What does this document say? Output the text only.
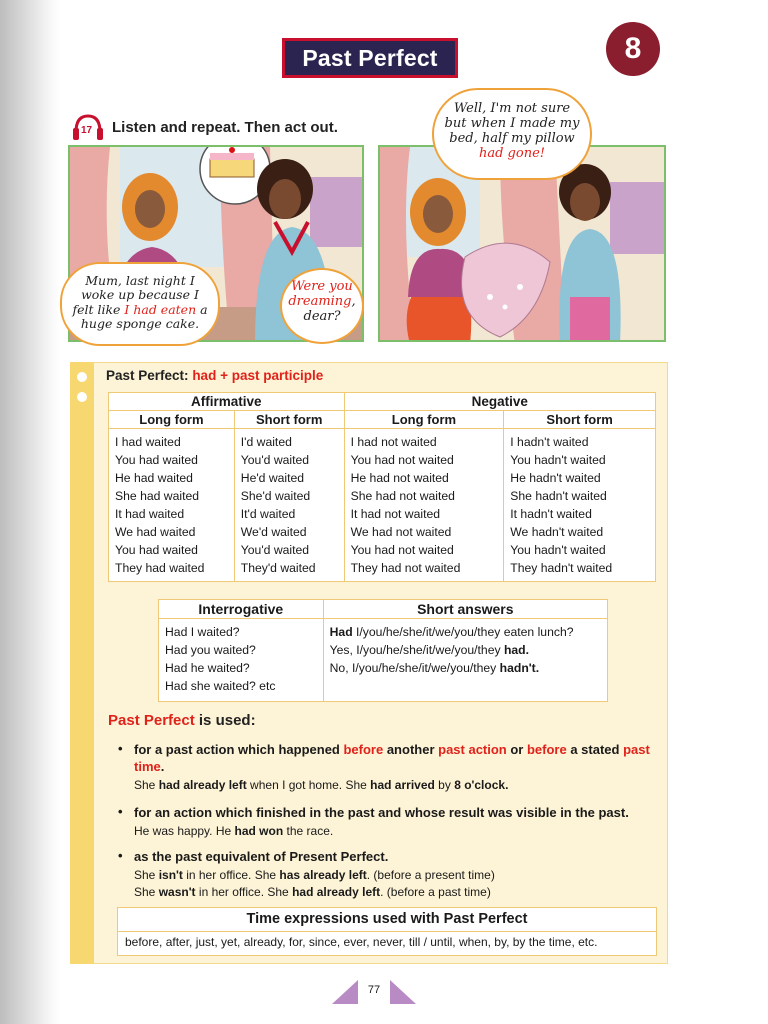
Past Perfect	8
17 Listen and repeat. Then act out.
Mum, last night I woke up because I felt like I had eaten a huge sponge cake.
Were you dreaming, dear?
Well, I'm not sure but when I made my bed, half my pillow had gone!
Past Perfect: had + past participle
Affirmative		Negative	
Long form	Short form	Long form	Short form
I had waited	I'd waited	I had not waited	I hadn't waited
You had waited	You'd waited	You had not waited	You hadn't waited
He had waited	He'd waited	He had not waited	He hadn't waited
She had waited	She'd waited	She had not waited	She hadn't waited
It had waited	It'd waited	It had not waited	It hadn't waited
We had waited	We'd waited	We had not waited	We hadn't waited
You had waited	You'd waited	You had not waited	You hadn't waited
They had waited	They'd waited	They had not waited	They hadn't waited
Interrogative	Short answers
Had I waited?	Had I/you/he/she/it/we/you/they eaten lunch?
Had you waited?	Yes, I/you/he/she/it/we/you/they had.
Had he waited?	No, I/you/he/she/it/we/you/they hadn't.
Had she waited? etc	
Past Perfect is used:
• for a past action which happened before another past action or before a stated past time.
She had already left when I got home. She had arrived by 8 o'clock.
• for an action which finished in the past and whose result was visible in the past.
He was happy. He had won the race.
• as the past equivalent of Present Perfect.
She isn't in her office. She has already left. (before a present time)
She wasn't in her office. She had already left. (before a past time)
Time expressions used with Past Perfect
before, after, just, yet, already, for, since, ever, never, till / until, when, by, by the time, etc.
77
